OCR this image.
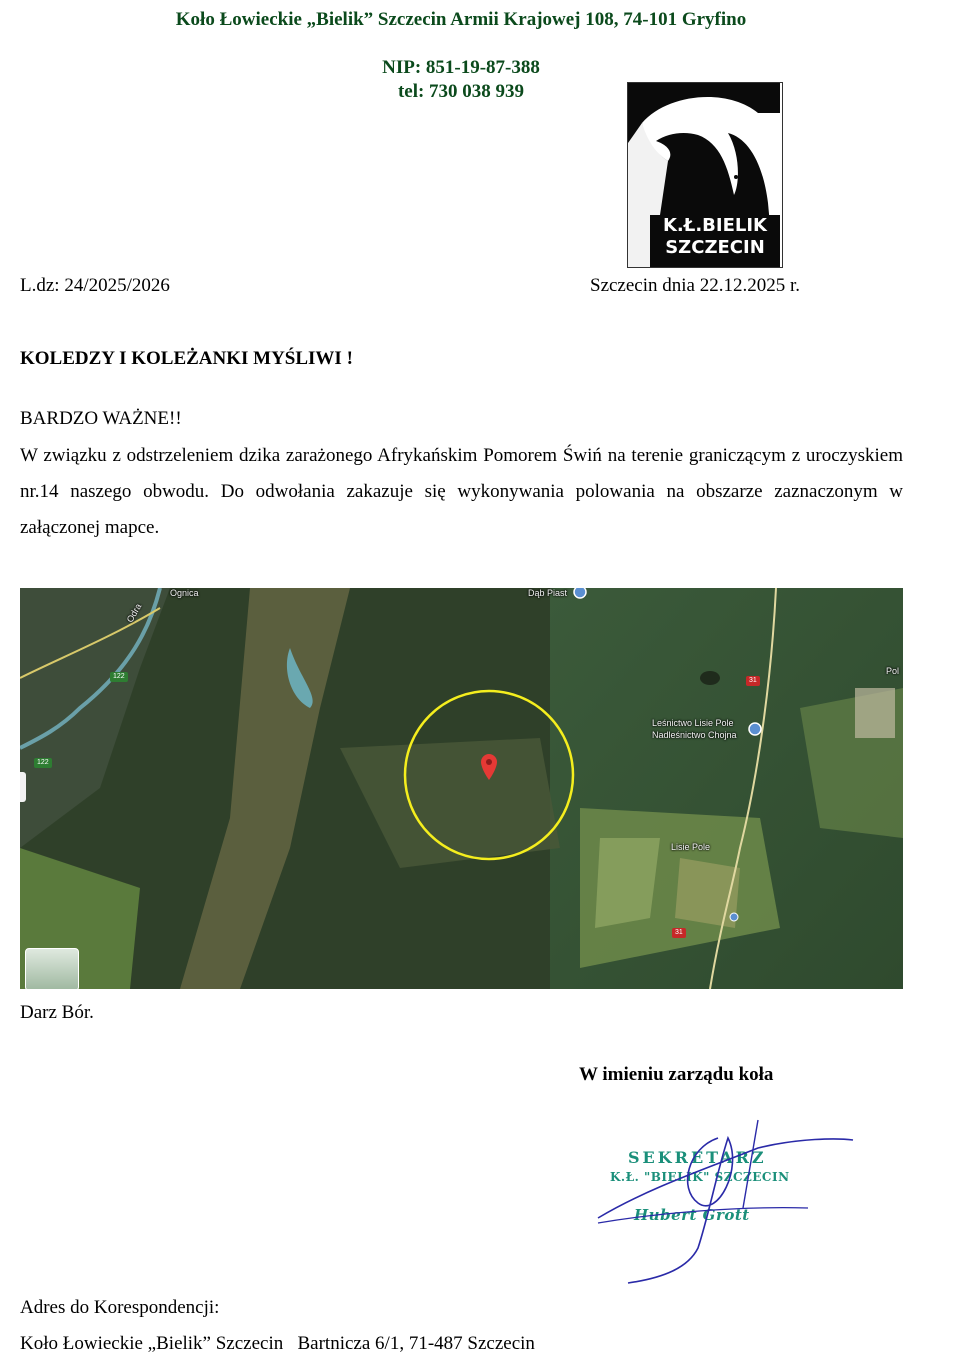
Koło Łowieckie „Bielik” Szczecin Armii Krajowej 108, 74-101 Gryfino
NIP: 851-19-87-388
tel: 730 038 939
K.Ł.BIELIK
SZCZECIN
L.dz: 24/2025/2026	Szczecin dnia 22.12.2025 r.
KOLEDZY I KOLEŻANKI MYŚLIWI !
BARDZO WAŻNE!!
W związku z odstrzeleniem dzika zarażonego Afrykańskim Pomorem Świń na terenie graniczącym z uroczyskiem nr.14 naszego obwodu. Do odwołania zakazuje się wykonywania polowania na obszarze zaznaczonym w załączonej mapce.
Ognica
Odra
Dąb Piast
Leśnictwo Lisie Pole
Nadleśnictwo Chojna
Lisie Pole
Pol
122
122
31
31
Darz Bór.
W imieniu zarządu koła
SEKRETARZ
K.Ł. "BIELIK" SZCZECIN
Hubert Grott
Adres do Korespondencji:
Koło Łowieckie „Bielik” Szczecin   Bartnicza 6/1, 71-487 Szczecin
